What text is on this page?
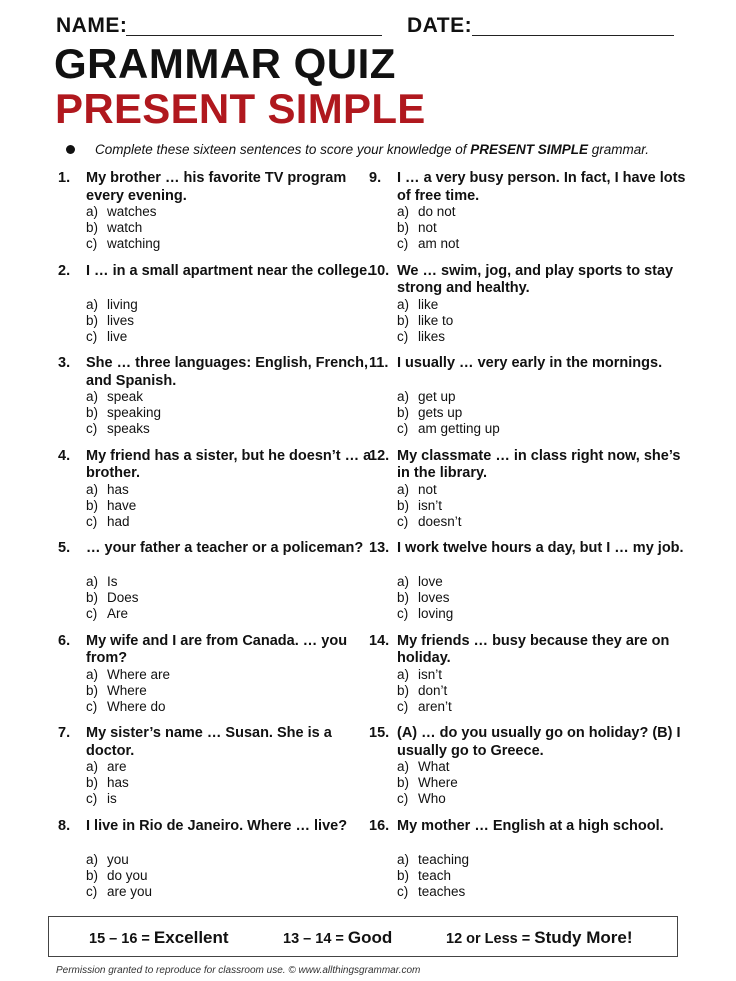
NAME:	DATE:
GRAMMAR QUIZ
PRESENT SIMPLE
Complete these sixteen sentences to score your knowledge of PRESENT SIMPLE grammar.
1. My brother … his favorite TV program every evening.
a) watches
b) watch
c) watching
2. I … in a small apartment near the college.
a) living
b) lives
c) live
3. She … three languages: English, French, and Spanish.
a) speak
b) speaking
c) speaks
4. My friend has a sister, but he doesn’t … a brother.
a) has
b) have
c) had
5. … your father a teacher or a policeman?
a) Is
b) Does
c) Are
6. My wife and I are from Canada. … you from?
a) Where are
b) Where
c) Where do
7. My sister’s name … Susan. She is a doctor.
a) are
b) has
c) is
8. I live in Rio de Janeiro. Where … live?
a) you
b) do you
c) are you
9. I … a very busy person. In fact, I have lots of free time.
a) do not
b) not
c) am not
10. We … swim, jog, and play sports to stay strong and healthy.
a) like
b) like to
c) likes
11. I usually … very early in the mornings.
a) get up
b) gets up
c) am getting up
12. My classmate … in class right now, she’s in the library.
a) not
b) isn’t
c) doesn’t
13. I work twelve hours a day, but I … my job.
a) love
b) loves
c) loving
14. My friends … busy because they are on holiday.
a) isn’t
b) don’t
c) aren’t
15. (A) … do you usually go on holiday? (B) I usually go to Greece.
a) What
b) Where
c) Who
16. My mother … English at a high school.
a) teaching
b) teach
c) teaches
15 – 16 = Excellent	13 – 14 = Good	12 or Less = Study More!
Permission granted to reproduce for classroom use. © www.allthingsgrammar.com
